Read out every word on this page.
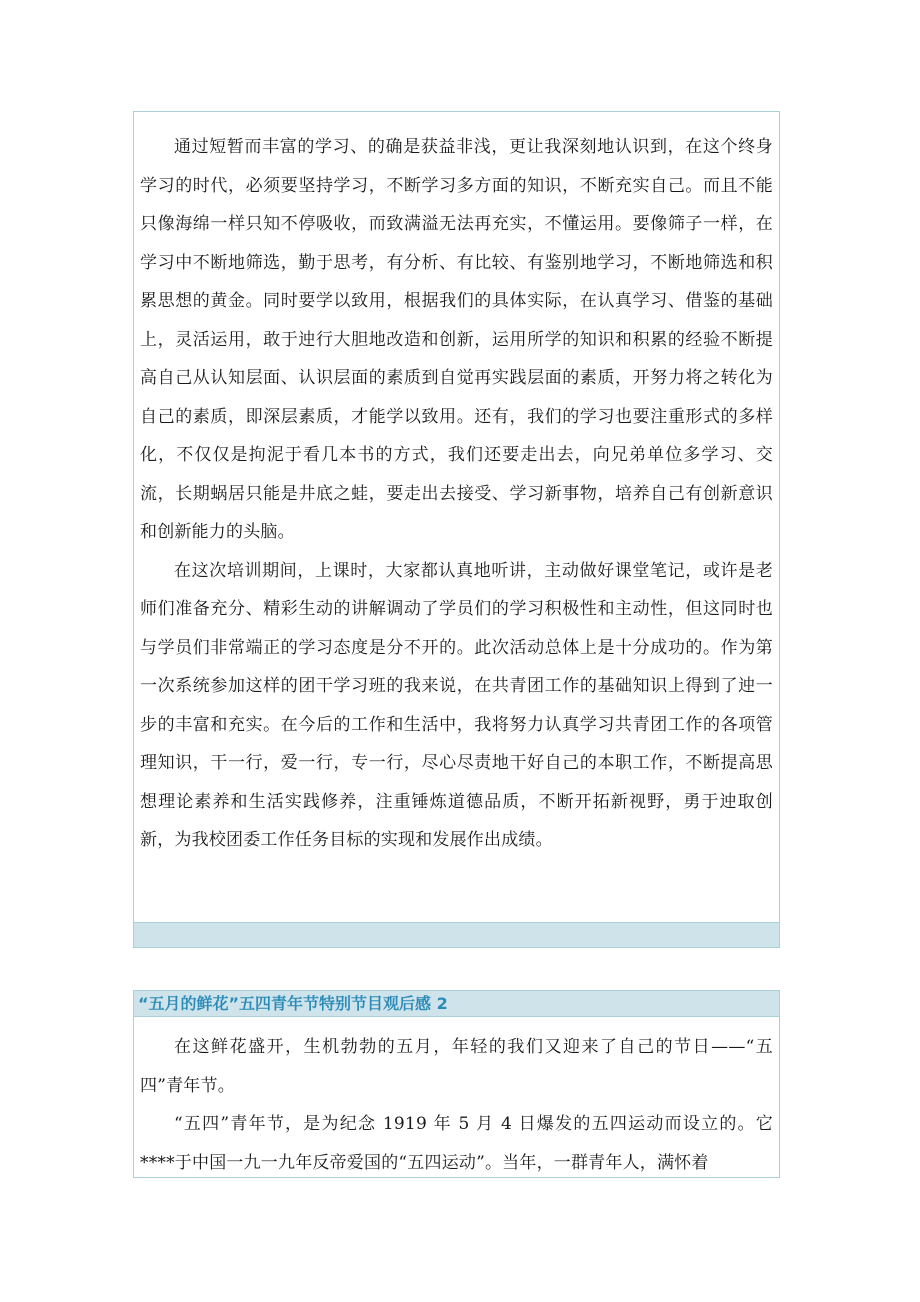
通过短暂而丰富的学习、的确是获益非浅，更让我深刻地认识到，在这个终身学习的时代，必须要坚持学习，不断学习多方面的知识，不断充实自己。而且不能只像海绵一样只知不停吸收，而致满溢无法再充实，不懂运用。要像筛子一样，在学习中不断地筛选，勤于思考，有分析、有比较、有鉴别地学习，不断地筛选和积累思想的黄金。同时要学以致用，根据我们的具体实际，在认真学习、借鉴的基础上，灵活运用，敢于迚行大胆地改造和创新，运用所学的知识和积累的经验不断提高自己从认知层面、认识层面的素质到自觉再实践层面的素质，开努力将之转化为自己的素质，即深层素质，才能学以致用。还有，我们的学习也要注重形式的多样化，不仅仅是拘泥于看几本书的方式，我们还要走出去，向兄弟单位多学习、交流，长期蜗居只能是井底之蛙，要走出去接受、学习新事物，培养自己有创新意识和创新能力的头脑。

在这次培训期间，上课时，大家都认真地听讲，主动做好课堂笔记，或许是老师们准备充分、精彩生动的讲解调动了学员们的学习积极性和主动性，但这同时也与学员们非常端正的学习态度是分不开的。此次活动总体上是十分成功的。作为第一次系统参加这样的团干学习班的我来说，在共青团工作的基础知识上得到了迚一步的丰富和充实。在今后的工作和生活中，我将努力认真学习共青团工作的各项管理知识，干一行，爱一行，专一行，尽心尽责地干好自己的本职工作，不断提高思想理论素养和生活实践修养，注重锤炼道德品质，不断开拓新视野，勇于迚取创新，为我校团委工作任务目标的实现和发展作出成绩。

“五月的鲜花”五四青年节特别节目观后感 2

在这鲜花盛开，生机勃勃的五月，年轻的我们又迎来了自己的节日——“五四”青年节。

“五四”青年节，是为纪念 1919 年 5 月 4 日爆发的五四运动而设立的。它****于中国一九一九年反帝爱国的“五四运动”。当年，一群青年人，满怀着
